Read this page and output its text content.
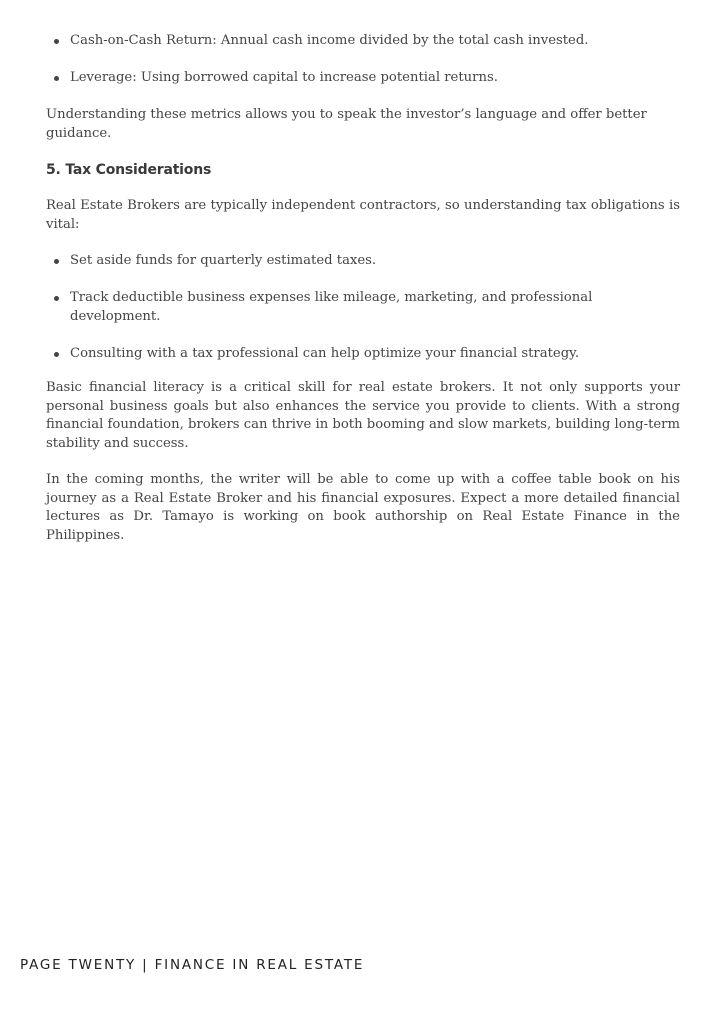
Cash-on-Cash Return: Annual cash income divided by the total cash invested.
Leverage: Using borrowed capital to increase potential returns.

Understanding these metrics allows you to speak the investor’s language and offer better guidance.

5. Tax Considerations

Real Estate Brokers are typically independent contractors, so understanding tax obligations is vital:

Set aside funds for quarterly estimated taxes.
Track deductible business expenses like mileage, marketing, and professional development.
Consulting with a tax professional can help optimize your financial strategy.

Basic financial literacy is a critical skill for real estate brokers. It not only supports your personal business goals but also enhances the service you provide to clients. With a strong financial foundation, brokers can thrive in both booming and slow markets, building long-term stability and success.

In the coming months, the writer will be able to come up with a coffee table book on his journey as a Real Estate Broker and his financial exposures. Expect a more detailed financial lectures as Dr. Tamayo is working on book authorship on Real Estate Finance in the Philippines.

PAGE TWENTY | FINANCE IN REAL ESTATE
